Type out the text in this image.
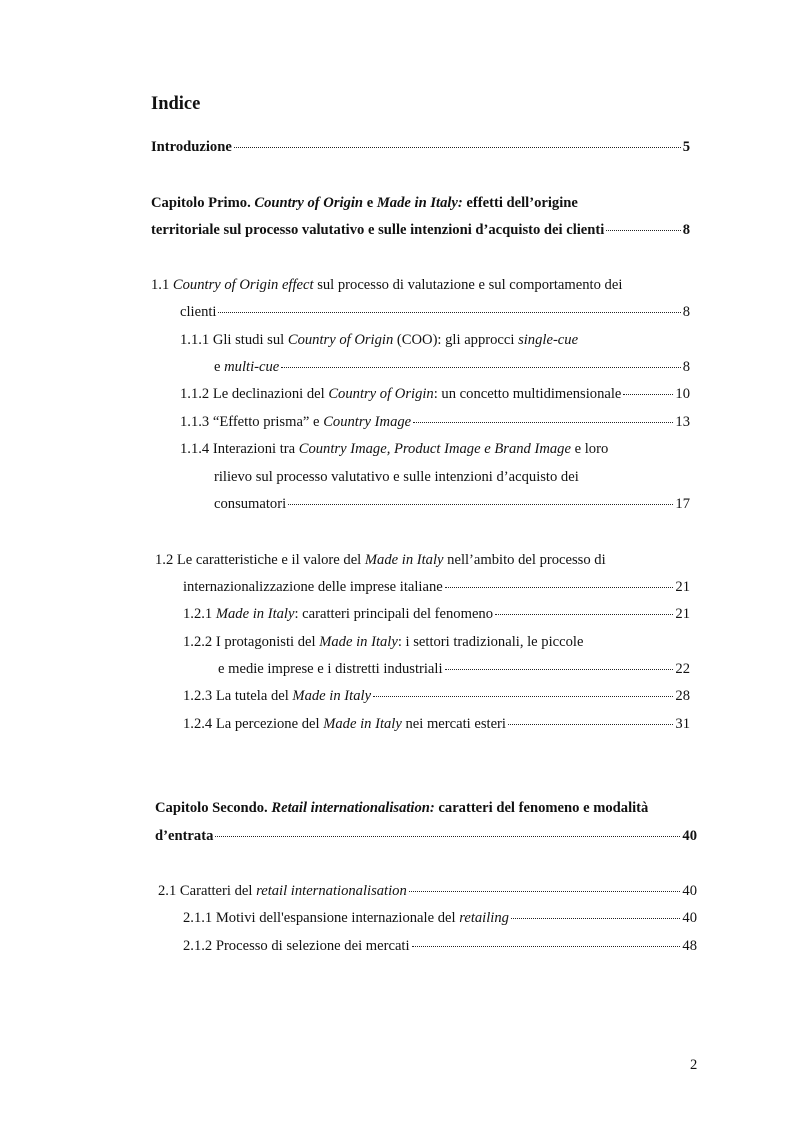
Indice
Introduzione	5
Capitolo Primo. Country of Origin e Made in Italy: effetti dell’origine
territoriale sul processo valutativo e sulle intenzioni d’acquisto dei clienti	8
1.1 Country of Origin effect sul processo di valutazione e sul comportamento dei
clienti	8
1.1.1 Gli studi sul Country of Origin (COO): gli approcci single-cue
e multi-cue	8
1.1.2 Le declinazioni del Country of Origin: un concetto multidimensionale	10
1.1.3 “Effetto prisma” e Country Image	13
1.1.4 Interazioni tra Country Image, Product Image e Brand Image e loro
rilievo sul processo valutativo e sulle intenzioni d’acquisto dei
consumatori	17
1.2 Le caratteristiche e il valore del Made in Italy nell’ambito del processo di
internazionalizzazione delle imprese italiane	21
1.2.1 Made in Italy: caratteri principali del fenomeno	21
1.2.2 I protagonisti del Made in Italy: i settori tradizionali, le piccole
e medie imprese e i distretti industriali	22
1.2.3 La tutela del Made in Italy	28
1.2.4 La percezione del Made in Italy nei mercati esteri	31
Capitolo Secondo. Retail internationalisation: caratteri del fenomeno e modalità
d’entrata	40
2.1 Caratteri del retail internationalisation	40
2.1.1 Motivi dell'espansione internazionale del retailing	40
2.1.2 Processo di selezione dei mercati	48
2
